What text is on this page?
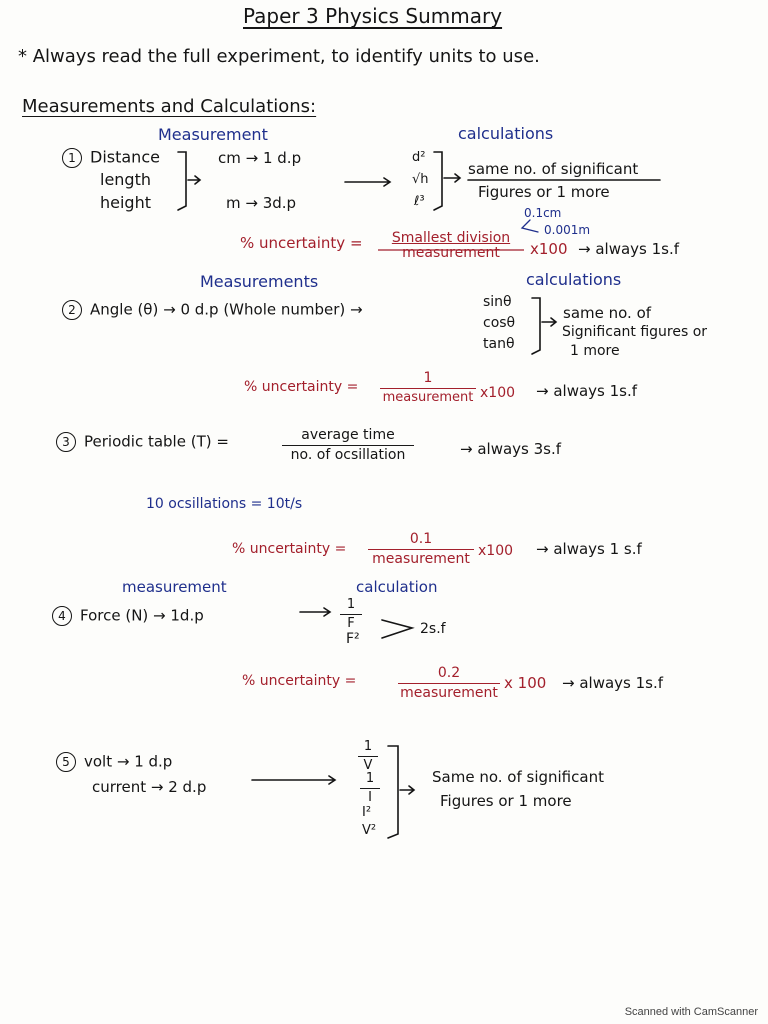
Paper 3 Physics Summary
* Always read the full experiment, to identify units to use.
Measurements and Calculations:
Measurement	calculations
1 Distance
length
height
cm → 1 d.p
m → 3d.p
d²
√h
ℓ³
same no. of significant
Figures or 1 more
0.1cm
0.001m
% uncertainty =	Smallest division
measurement	x100 → always 1s.f
Measurements	calculations
2 Angle (θ) → 0 d.p (Whole number) →	sinθ
cosθ
tanθ
same no. of
Significant figures or
1 more
% uncertainty =
1
measurement x100 → always 1s.f
3 Periodic table (T) =	average time
no. of ocsillation	→ always 3s.f
10 ocsillations = 10t/s
% uncertainty =
0.1
measurement
x100 → always 1 s.f
measurement	calculation
4 Force (N) → 1d.p
1
F
F²
2s.f
% uncertainty =	0.2
measurement
x 100 → always 1s.f
5 volt → 1 d.p
current → 2 d.p
1
V
1
I
I²
V²
Same no. of significant
Figures or 1 more
Scanned with CamScanner
